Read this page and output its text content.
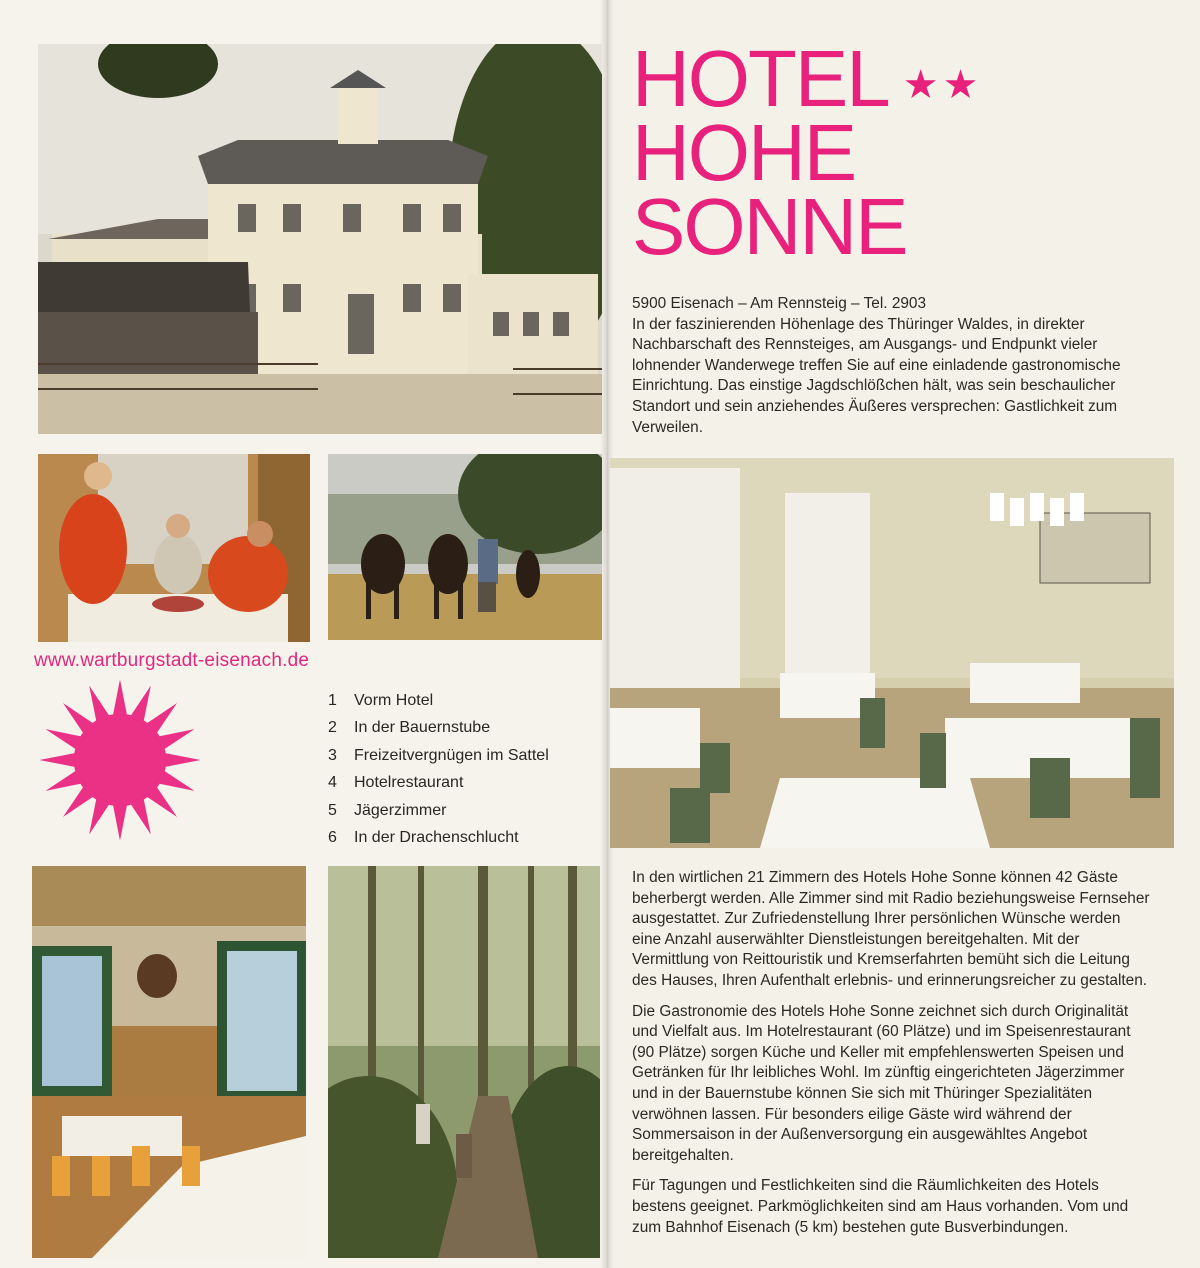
www.wartburgstadt-eisenach.de
1	Vorm Hotel
2	In der Bauernstube
3	Freizeitvergnügen im Sattel
4	Hotelrestaurant
5	Jägerzimmer
6	In der Drachenschlucht
HOTEL ★★
HOHE
SONNE
5900 Eisenach – Am Rennsteig – Tel. 2903
In der faszinierenden Höhenlage des Thüringer Waldes, in direkter Nachbarschaft des Rennsteiges, am Ausgangs- und Endpunkt vieler lohnender Wanderwege treffen Sie auf eine einladende gastronomische Einrichtung. Das einstige Jagdschlößchen hält, was sein beschaulicher Standort und sein anziehendes Äußeres versprechen: Gastlichkeit zum Verweilen.

In den wirtlichen 21 Zimmern des Hotels Hohe Sonne können 42 Gäste beherbergt werden. Alle Zimmer sind mit Radio beziehungsweise Fernseher ausgestattet. Zur Zufriedenstellung Ihrer persönlichen Wünsche werden eine Anzahl auserwählter Dienstleistungen bereitgehalten. Mit der Vermittlung von Reittouristik und Kremserfahrten bemüht sich die Leitung des Hauses, Ihren Aufenthalt erlebnis- und erinnerungsreicher zu gestalten.

Die Gastronomie des Hotels Hohe Sonne zeichnet sich durch Originalität und Vielfalt aus. Im Hotelrestaurant (60 Plätze) und im Speisenrestaurant (90 Plätze) sorgen Küche und Keller mit empfehlenswerten Speisen und Getränken für Ihr leibliches Wohl. Im zünftig eingerichteten Jägerzimmer und in der Bauernstube können Sie sich mit Thüringer Spezialitäten verwöhnen lassen. Für besonders eilige Gäste wird während der Sommersaison in der Außenversorgung ein ausgewähltes Angebot bereitgehalten.

Für Tagungen und Festlichkeiten sind die Räumlichkeiten des Hotels bestens geeignet. Parkmöglichkeiten sind am Haus vorhanden. Vom und zum Bahnhof Eisenach (5 km) bestehen gute Busverbindungen.
